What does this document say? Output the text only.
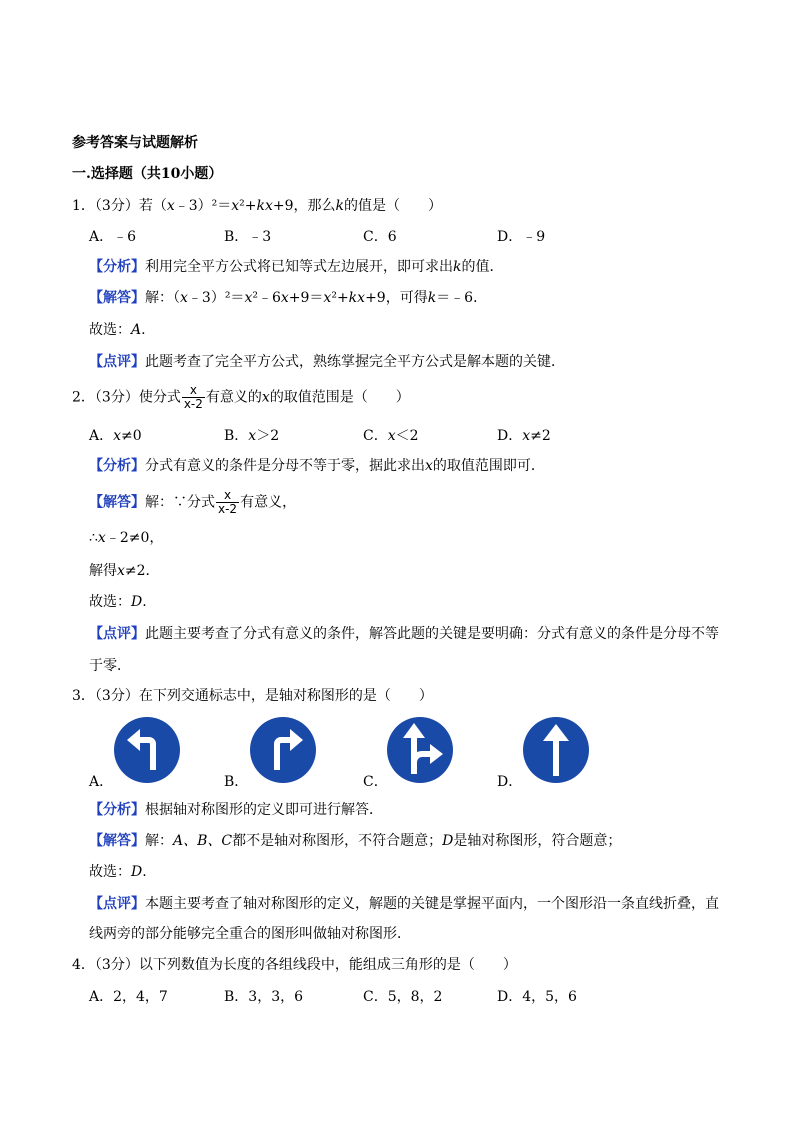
参考答案与试题解析
一.选择题（共10小题）
1．（3分）若（x﹣3）²＝x²+kx+9，那么k的值是（　　）
A．﹣6	B．﹣3	C．6	D．﹣9
【分析】利用完全平方公式将已知等式左边展开，即可求出k的值．
【解答】解：（x﹣3）²＝x²﹣6x+9＝x²+kx+9，可得k＝﹣6．
故选：A.
【点评】此题考查了完全平方公式，熟练掌握完全平方公式是解本题的关键．
2．（3分）使分式 $\frac{x}{x-2}$ 有意义的x的取值范围是（　　）
A．x≠0	B．x＞2	C．x＜2	D．x≠2
【分析】分式有意义的条件是分母不等于零，据此求出x的取值范围即可．
【解答】解：∵分式 $\frac{x}{x-2}$ 有意义，
∴x﹣2≠0，
解得x≠2．
故选：D.
【点评】此题主要考查了分式有意义的条件，解答此题的关键是要明确：分式有意义的条件是分母不等
于零．
3．（3分）在下列交通标志中，是轴对称图形的是（　　）
A．	B．	C．	D．
【分析】根据轴对称图形的定义即可进行解答．
【解答】解：A、B、C都不是轴对称图形，不符合题意；D是轴对称图形，符合题意；
故选：D.
【点评】本题主要考查了轴对称图形的定义，解题的关键是掌握平面内，一个图形沿一条直线折叠，直
线两旁的部分能够完全重合的图形叫做轴对称图形．
4．（3分）以下列数值为长度的各组线段中，能组成三角形的是（　　）
A．2，4，7	B．3，3，6	C．5，8，2	D．4，5，6
